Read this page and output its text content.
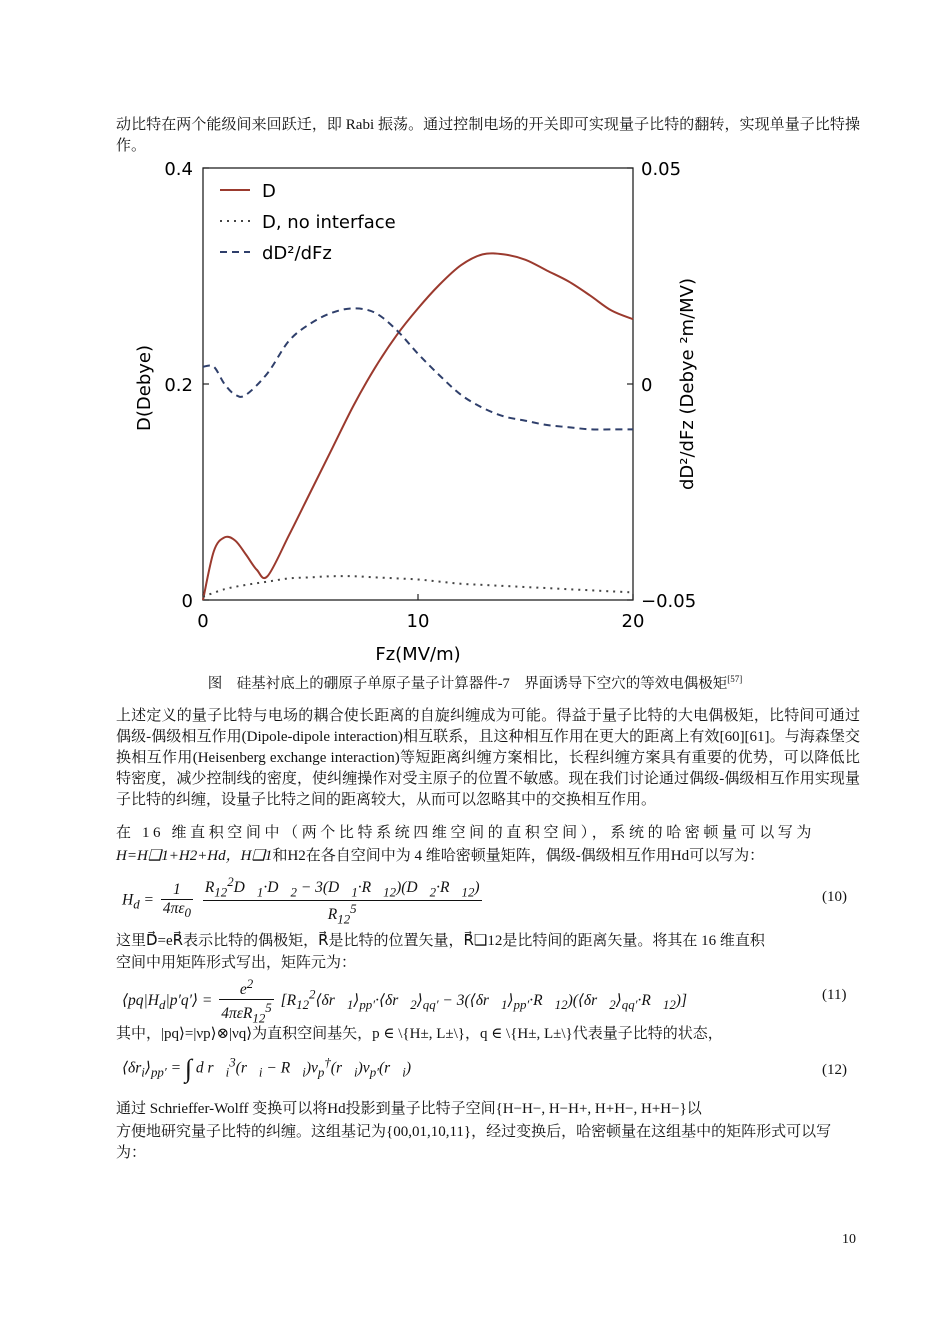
动比特在两个能级间来回跃迁，即 Rabi 振荡。通过控制电场的开关即可实现量子比特的翻转，实现单量子比特操作。
0	10	20
0
0.2
0.4
−0.05
0
0.05
D
D, no interface
dD²/dFz
Fz(MV/m)
D(Debye)	dD²/dFz (Debye ²m/MV)
图    硅基衬底上的硼原子单原子量子计算器件-7    界面诱导下空穴的等效电偶极矩[57]
上述定义的量子比特与电场的耦合使长距离的自旋纠缠成为可能。得益于量子比特的大电偶极矩，比特间可通过偶级-偶级相互作用(Dipole-dipole interaction)相互联系，且这种相互作用在更大的距离上有效[60][61]。与海森堡交换相互作用(Heisenberg exchange interaction)等短距离纠缠方案相比，长程纠缠方案具有重要的优势，可以降低比特密度，减少控制线的密度，使纠缠操作对受主原子的位置不敏感。现在我们讨论通过偶级-偶级相互作用实现量子比特的纠缠，设量子比特之间的距离较大，从而可以忽略其中的交换相互作用。
在 16 维直积空间中（两个比特系统四维空间的直积空间），系统的哈密顿量可以写为
H=H❑1+H2+Hd，H❑1和H2在各自空间中为 4 维哈密顿量矩阵，偶级-偶级相互作用Hd可以写为：
$H_d = \frac{1}{4\pi\varepsilon_0}$
$\frac{R_{12}^2D⃗_1\cdot D⃗_2 - 3(D⃗_1\cdot R⃗_{12})(D⃗_2\cdot R⃗_{12})}{R_{12}^5}$	(10)
这里D⃗=eR⃗表示比特的偶极矩，R⃗是比特的位置矢量，R⃗❑12是比特间的距离矢量。将其在 16 维直积
空间中用矩阵形式写出，矩阵元为：
$⟨pq|H_d|p'q'⟩ = \frac{e^2}{4\pi\varepsilon R_{12}^5}$ [$R_{12}^2⟨\delta r⃗_1⟩_{pp'}\cdot⟨\delta r⃗_2⟩_{qq'}$ − $3(⟨\delta r⃗_1⟩_{pp'}\cdot R⃗_{12})(⟨\delta r⃗_2⟩_{qq'}\cdot R⃗_{12})$]	(11)
其中，|pq⟩=|νp⟩⊗|νq⟩为直积空间基矢，p ∈ \{H±, L±\}，q ∈ \{H±, L±\}代表量子比特的状态，
$⟨\delta r_i⟩_{pp'}$ = ∫ d $r⃗_i^3(r⃗_i$ − $R⃗_i)\nu_p^\dagger(r⃗_i)\nu_{p'}(r⃗_i)$	(12)
通过 Schrieffer-Wolff 变换可以将Hd投影到量子比特子空间{H−H−, H−H+, H+H−, H+H−}以
方便地研究量子比特的纠缠。这组基记为{00,01,10,11}，经过变换后，哈密顿量在这组基中的矩阵形式可以写为：
10
